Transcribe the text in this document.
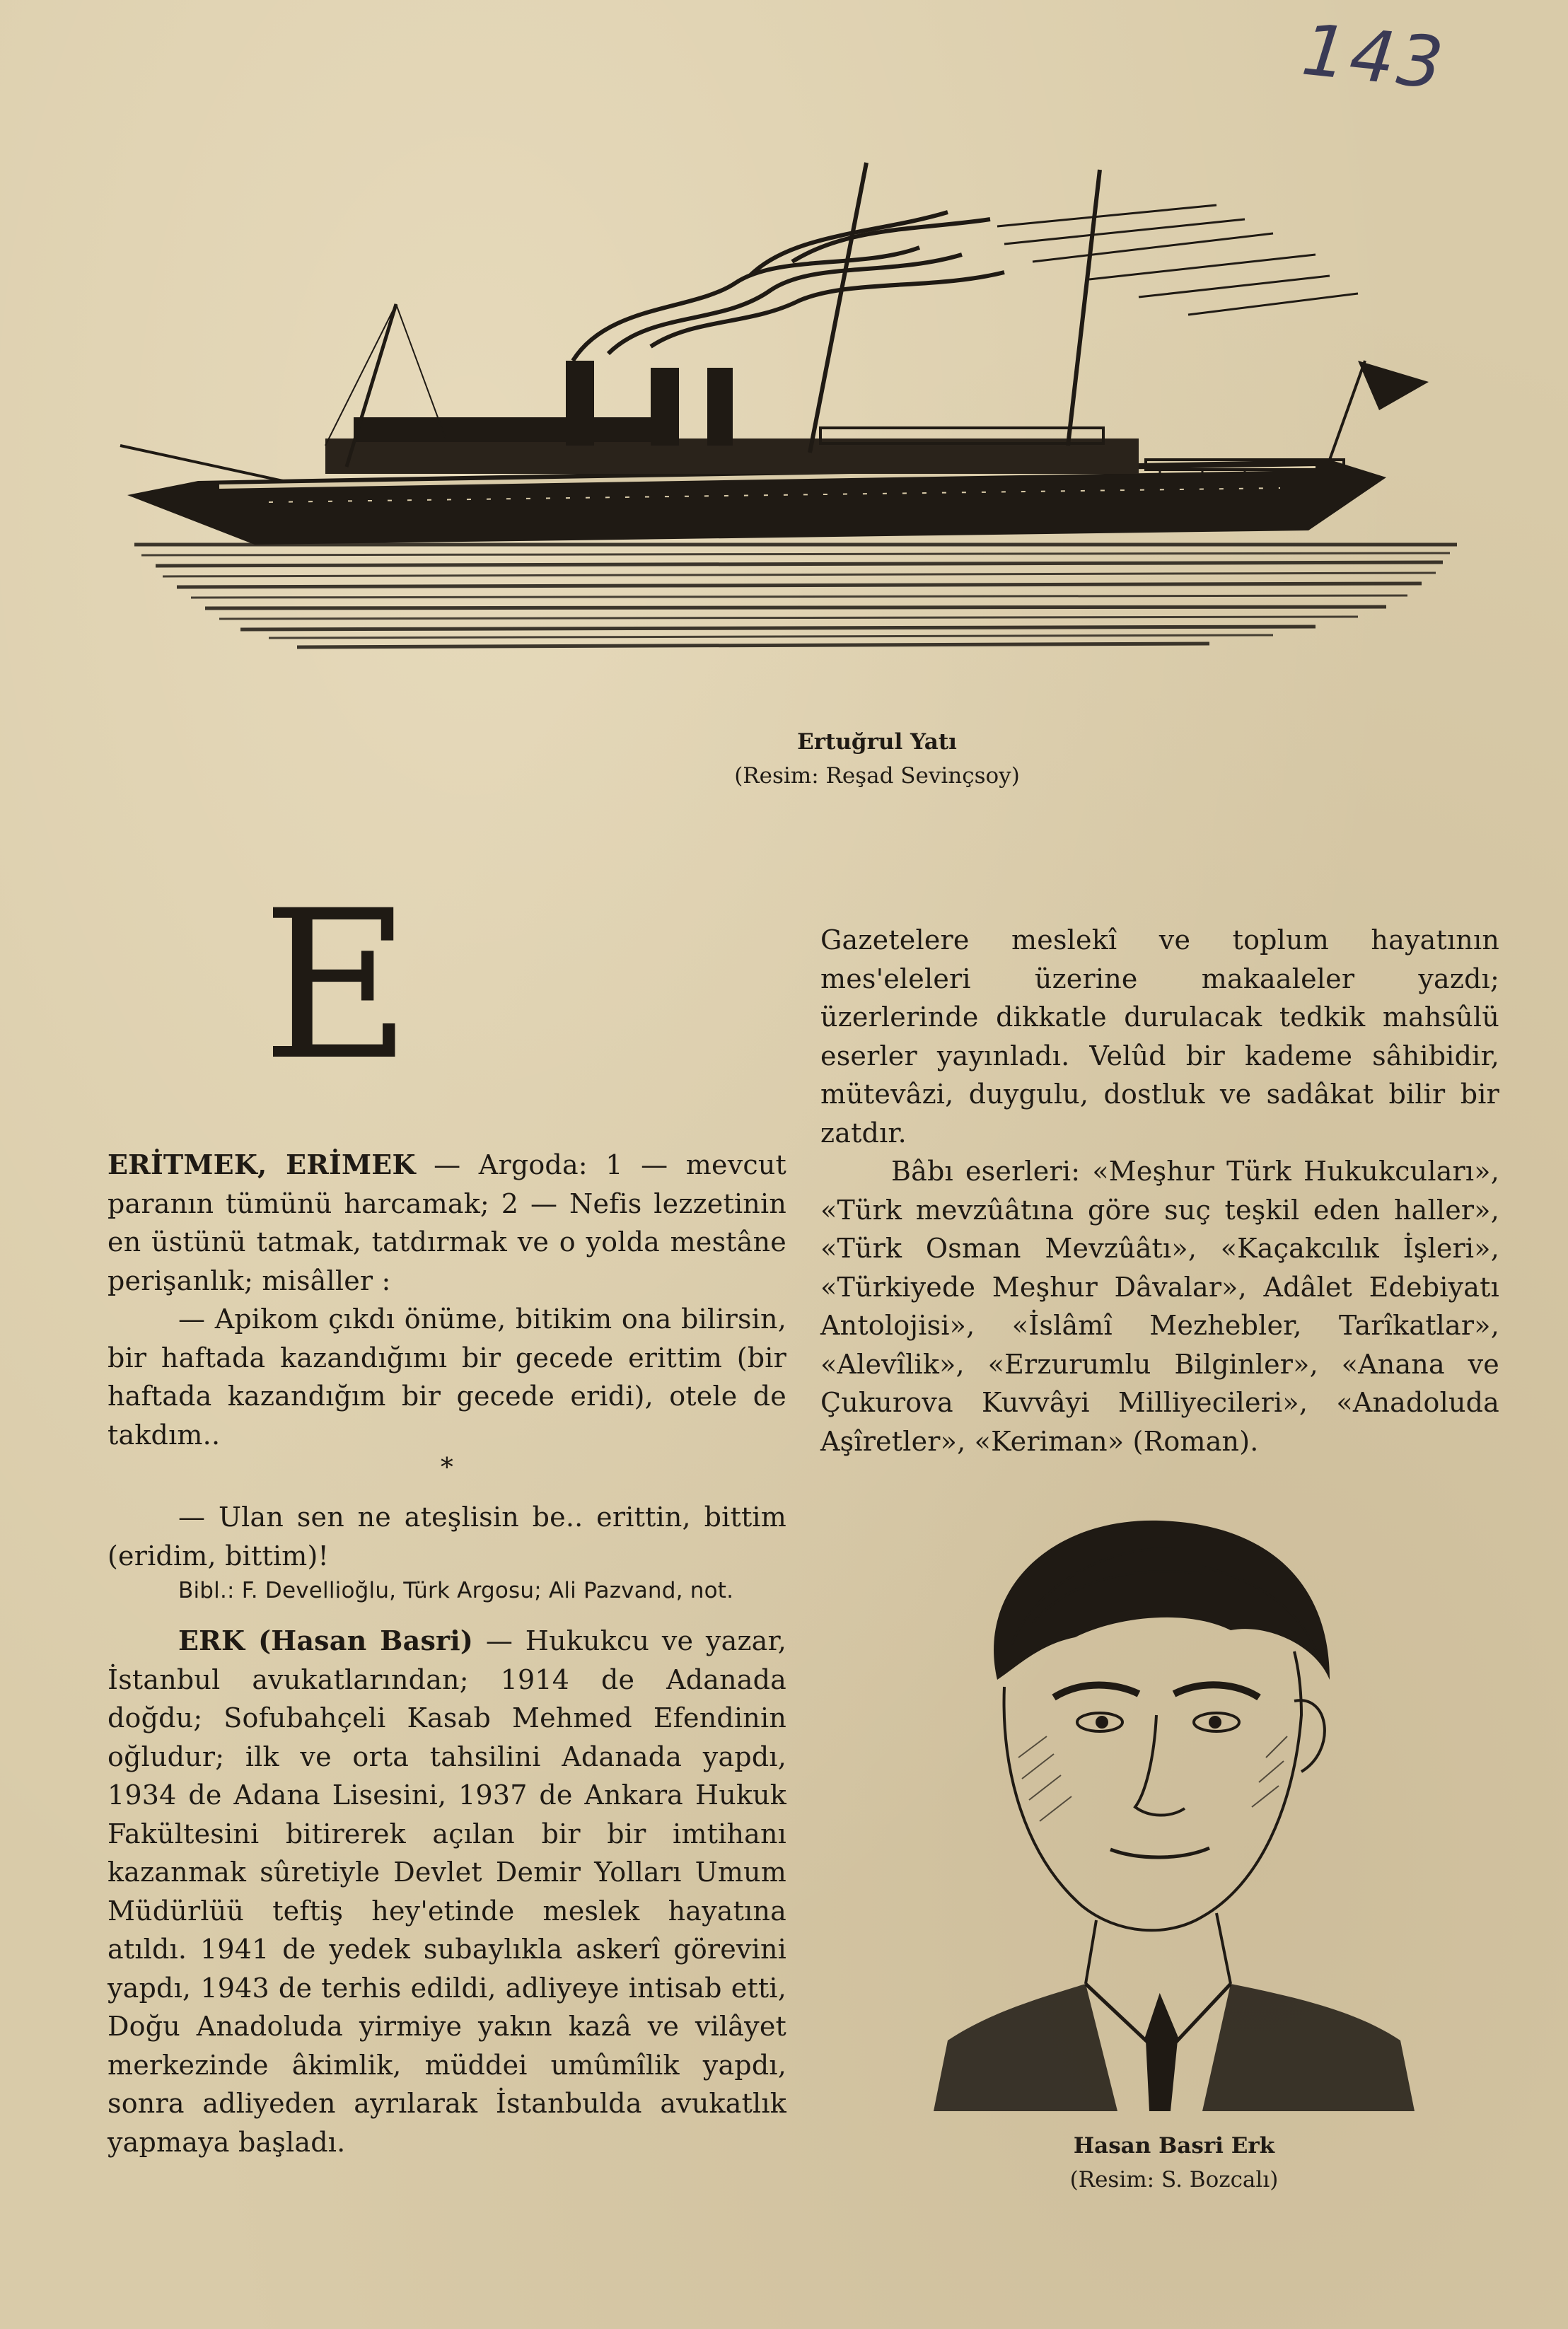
143
Ertuğrul Yatı
(Resim: Reşad Sevinçsoy)
E

ERİTMEK, ERİMEK — Argoda: 1 — mevcut paranın tümünü harcamak; 2 — Nefis lezzetinin en üstünü tatmak, tatdırmak ve o yolda mestâne perişanlık; misâller :

— Apikom çıkdı önüme, bitikim ona bilirsin, bir haftada kazandığımı bir gecede erittim (bir haftada kazandığım bir gecede eridi), otele de takdım..

*

— Ulan sen ne ateşlisin be.. erittin, bittim (eridim, bittim)!

Bibl.: F. Devellioğlu, Türk Argosu; Ali Pazvand, not.

ERK (Hasan Basri) — Hukukcu ve yazar, İstanbul avukatlarından; 1914 de Adanada doğdu; Sofubahçeli Kasab Mehmed Efendinin oğludur; ilk ve orta tahsilini Adanada yapdı, 1934 de Adana Lisesini, 1937 de Ankara Hukuk Fakültesini bitirerek açılan bir bir imtihanı kazanmak sûretiyle Devlet Demir Yolları Umum Müdürlüü teftiş hey'etinde meslek hayatına atıldı. 1941 de yedek subaylıkla askerî görevini yapdı, 1943 de terhis edildi, adliyeye intisab etti, Doğu Anadoluda yirmiye yakın kazâ ve vilâyet merkezinde âkimlik, müddei umûmîlik yapdı, sonra adliyeden ayrılarak İstanbulda avukatlık yapmaya başladı.

Gazetelere meslekî ve toplum hayatının mes'eleleri üzerine makaaleler yazdı; üzerlerinde dikkatle durulacak tedkik mahsûlü eserler yayınladı. Velûd bir kademe sâhibidir, mütevâzi, duygulu, dostluk ve sadâkat bilir bir zatdır.

Bâbı eserleri: «Meşhur Türk Hukukcuları», «Türk mevzûâtına göre suç teşkil eden haller», «Türk Osman Mevzûâtı», «Kaçakcılık İşleri», «Türkiyede Meşhur Dâvalar», Adâlet Edebiyatı Antolojisi», «İslâmî Mezhebler, Tarîkatlar», «Alevîlik», «Erzurumlu Bilginler», «Anana ve Çukurova Kuvvâyi Milliyecileri», «Anadoluda Aşîretler», «Keriman» (Roman).

Hasan Basri Erk
(Resim: S. Bozcalı)
